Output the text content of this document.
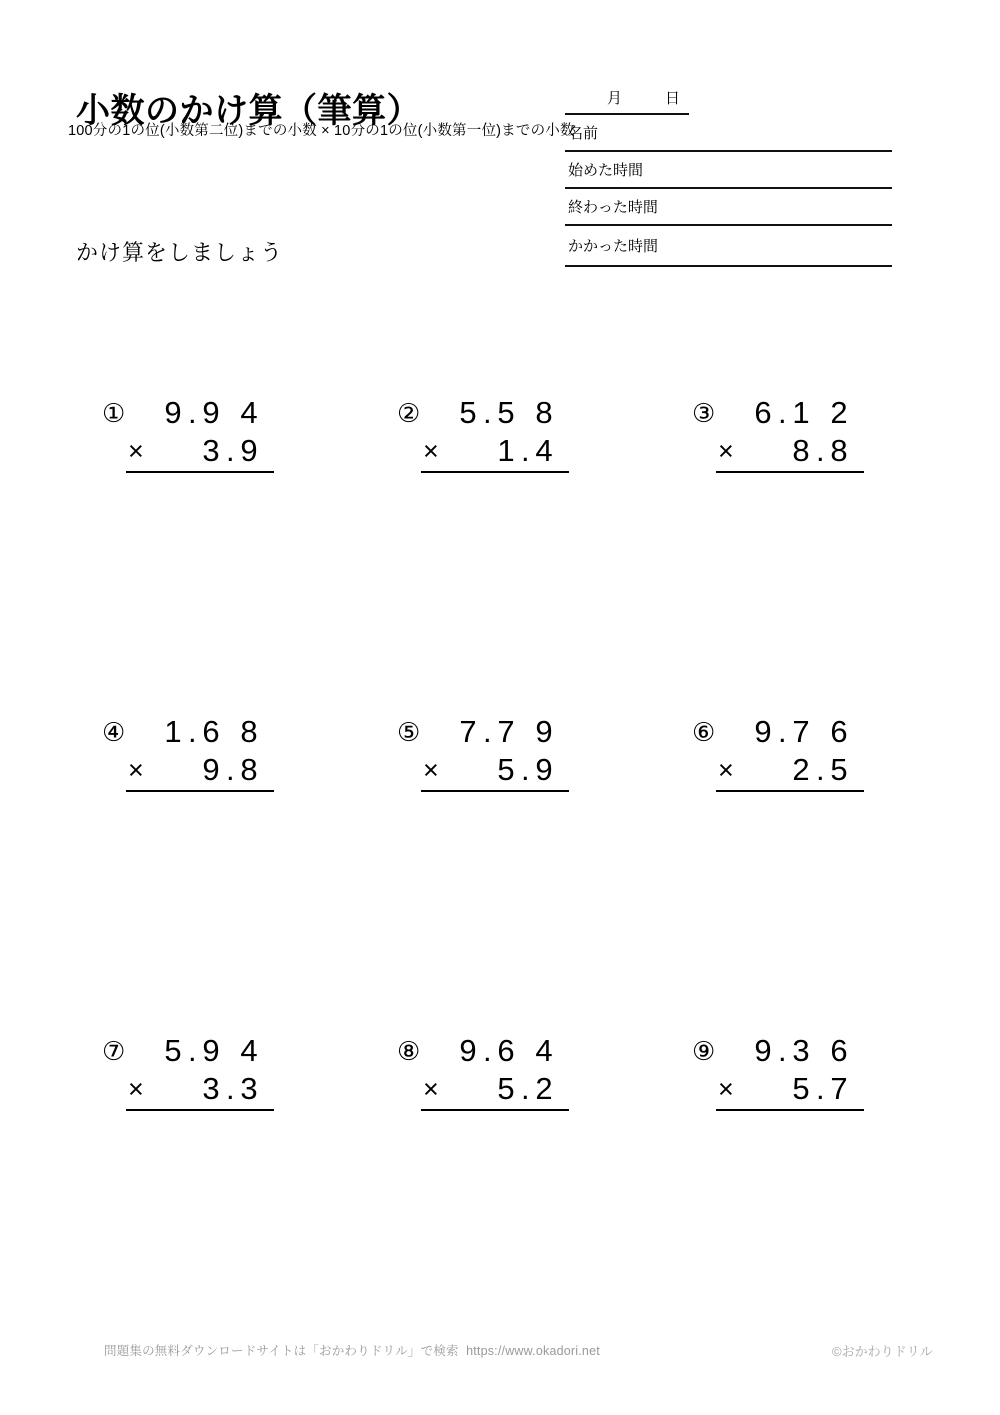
小数のかけ算（筆算）
100分の1の位(小数第二位)までの小数 × 10分の1の位(小数第一位)までの小数
かけ算をしましょう
月	日
名前
始めた時間
終わった時間
かかった時間
① 9 . 9 4
× 3 . 9
② 5 . 5 8
× 1 . 4
③ 6 . 1 2
× 8 . 8
④ 1 . 6 8
× 9 . 8
⑤ 7 . 7 9
× 5 . 9
⑥ 9 . 7 6
× 2 . 5
⑦ 5 . 9 4
× 3 . 3
⑧ 9 . 6 4
× 5 . 2
⑨ 9 . 3 6
× 5 . 7
問題集の無料ダウンロードサイトは「おかわりドリル」で検索  https://www.okadori.net	©おかわりドリル
